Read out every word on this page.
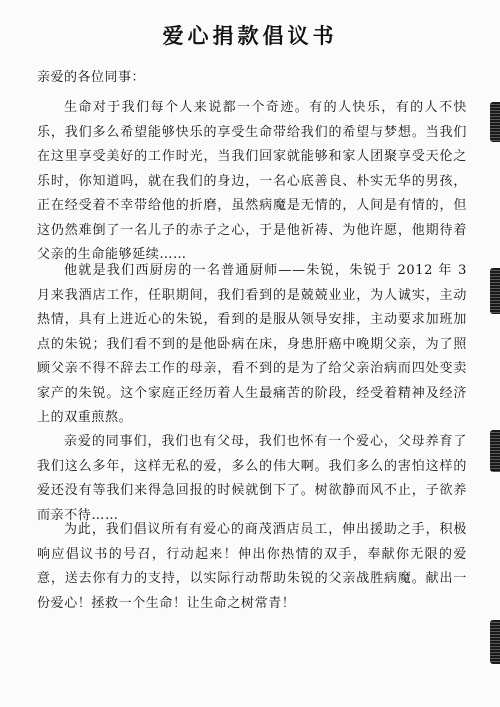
爱心捐款倡议书
亲爱的各位同事：

生命对于我们每个人来说都一个奇迹。有的人快乐，有的人不快乐，我们多么希望能够快乐的享受生命带给我们的希望与梦想。当我们在这里享受美好的工作时光，当我们回家就能够和家人团聚享受天伦之乐时，你知道吗，就在我们的身边，一名心底善良、朴实无华的男孩，正在经受着不幸带给他的折磨，虽然病魔是无情的，人间是有情的，但这仍然难倒了一名儿子的赤子之心，于是他祈祷、为他许愿，他期待着父亲的生命能够延续……

他就是我们西厨房的一名普通厨师——朱锐，朱锐于 2012 年 3 月来我酒店工作，任职期间，我们看到的是兢兢业业，为人诚实，主动热情，具有上进近心的朱锐，看到的是服从领导安排，主动要求加班加点的朱锐；我们看不到的是他卧病在床，身患肝癌中晚期父亲，为了照顾父亲不得不辞去工作的母亲，看不到的是为了给父亲治病而四处变卖家产的朱锐。这个家庭正经历着人生最痛苦的阶段，经受着精神及经济上的双重煎熬。

亲爱的同事们，我们也有父母，我们也怀有一个爱心，父母养育了我们这么多年，这样无私的爱，多么的伟大啊。我们多么的害怕这样的爱还没有等我们来得急回报的时候就倒下了。树欲静而风不止，子欲养而亲不待……

为此，我们倡议所有有爱心的商茂酒店员工，伸出援助之手，积极响应倡议书的号召，行动起来！伸出你热情的双手，奉献你无限的爱意，送去你有力的支持，以实际行动帮助朱锐的父亲战胜病魔。献出一份爱心！拯救一个生命！让生命之树常青！
